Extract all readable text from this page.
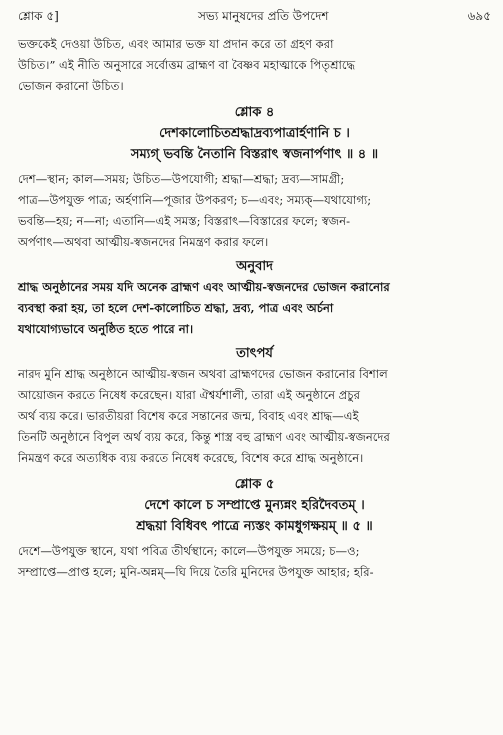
শ্লোক ৫]	সভ্য মানুষদের প্রতি উপদেশ	৬৯৫

ভক্তকেই দেওয়া উচিত, এবং আমার ভক্ত যা প্রদান করে তা গ্রহণ করা

উচিত।” এই নীতি অনুসারে সর্বোত্তম ব্রাহ্মণ বা বৈষ্ণব মহাত্মাকে পিতৃশ্রাদ্ধে

ভোজন করানো উচিত।

শ্লোক ৪

দেশকালোচিতশ্রদ্ধাদ্রব্যপাত্রার্হণানি চ ।

সম্যগ্‌ ভবন্তি নৈতানি বিস্তরাৎ স্বজনার্পণাৎ ॥ ৪ ॥

দেশ—স্থান; কাল—সময়; উচিত—উপযোগী; শ্রদ্ধা—শ্রদ্ধা; দ্রব্য—সামগ্রী;

পাত্র—উপযুক্ত পাত্র; অর্হণানি—পূজার উপকরণ; চ—এবং; সম্যক্‌—যথাযোগ্য;

ভবন্তি—হয়; ন—না; এতানি—এই সমস্ত; বিস্তরাৎ—বিস্তারের ফলে; স্বজন-

অর্পণাৎ—অথবা আত্মীয়-স্বজনদের নিমন্ত্রণ করার ফলে।

অনুবাদ

শ্রাদ্ধ অনুষ্ঠানের সময় যদি অনেক ব্রাহ্মণ এবং আত্মীয়-স্বজনদের ভোজন করানোর

ব্যবস্থা করা হয়, তা হলে দেশ-কালোচিত শ্রদ্ধা, দ্রব্য, পাত্র এবং অর্চনা

যথাযোগ্যভাবে অনুষ্ঠিত হতে পারে না।

তাৎপর্য

নারদ মুনি শ্রাদ্ধ অনুষ্ঠানে আত্মীয়-স্বজন অথবা ব্রাহ্মণদের ভোজন করানোর বিশাল

আয়োজন করতে নিষেধ করেছেন। যারা ঐশ্বর্যশালী, তারা এই অনুষ্ঠানে প্রচুর

অর্থ ব্যয় করে। ভারতীয়রা বিশেষ করে সন্তানের জন্ম, বিবাহ এবং শ্রাদ্ধ—এই

তিনটি অনুষ্ঠানে বিপুল অর্থ ব্যয় করে, কিন্তু শাস্ত্র বহু ব্রাহ্মণ এবং আত্মীয়-স্বজনদের

নিমন্ত্রণ করে অত্যধিক ব্যয় করতে নিষেধ করেছে, বিশেষ করে শ্রাদ্ধ অনুষ্ঠানে।

শ্লোক ৫

দেশে কালে চ সম্প্রাপ্তে মুন্যন্নং হরিদৈবতম্‌ ।

শ্রদ্ধয়া বিধিবৎ পাত্রে ন্যস্তং কামধুগক্ষয়ম্‌ ॥ ৫ ॥

দেশে—উপযুক্ত স্থানে, যথা পবিত্র তীর্থস্থানে; কালে—উপযুক্ত সময়ে; চ—ও;

সম্প্রাপ্তে—প্রাপ্ত হলে; মুনি-অন্নম্‌—ঘি দিয়ে তৈরি মুনিদের উপযুক্ত আহার; হরি-
